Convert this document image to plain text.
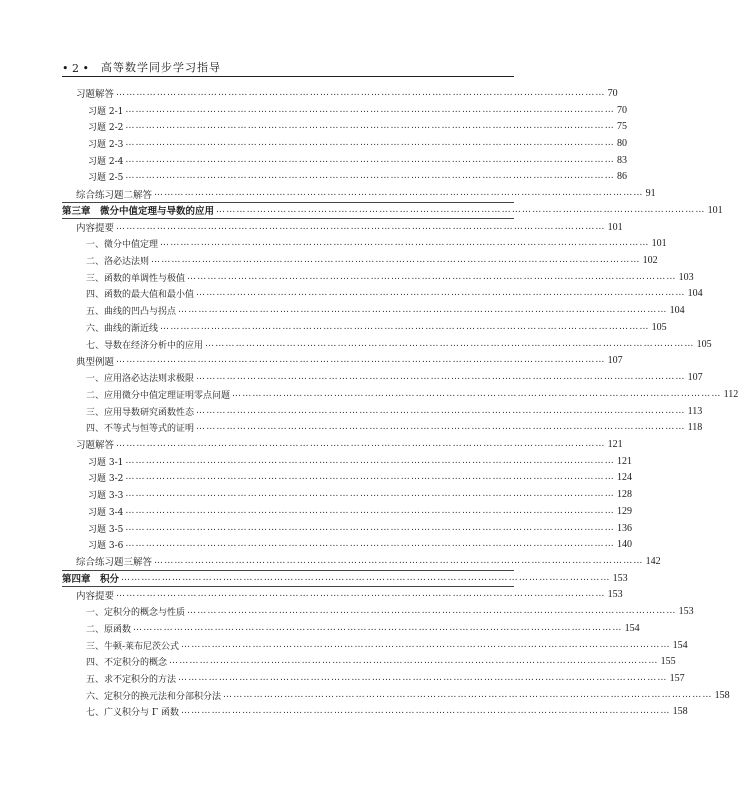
• 2 • 高等数学同步学习指导
习题解答 ……………………………………………………………………………………………………………………………… 70
习题 2-1 ……………………………………………………………………………………………………………………………… 70
习题 2-2 ……………………………………………………………………………………………………………………………… 75
习题 2-3 ……………………………………………………………………………………………………………………………… 80
习题 2-4 ……………………………………………………………………………………………………………………………… 83
习题 2-5 ……………………………………………………………………………………………………………………………… 86
综合练习题二解答 ……………………………………………………………………………………………………………………………… 91
第三章　微分中值定理与导数的应用 ……………………………………………………………………………………………………………………………… 101
内容提要 ……………………………………………………………………………………………………………………………… 101
一、微分中值定理 ……………………………………………………………………………………………………………………………… 101
二、洛必达法则 ……………………………………………………………………………………………………………………………… 102
三、函数的单调性与极值 ……………………………………………………………………………………………………………………………… 103
四、函数的最大值和最小值 ……………………………………………………………………………………………………………………………… 104
五、曲线的凹凸与拐点 ……………………………………………………………………………………………………………………………… 104
六、曲线的渐近线 ……………………………………………………………………………………………………………………………… 105
七、导数在经济分析中的应用 ……………………………………………………………………………………………………………………………… 105
典型例题 ……………………………………………………………………………………………………………………………… 107
一、应用洛必达法则求极限 ……………………………………………………………………………………………………………………………… 107
二、应用微分中值定理证明零点问题 ……………………………………………………………………………………………………………………………… 112
三、应用导数研究函数性态 ……………………………………………………………………………………………………………………………… 113
四、不等式与恒等式的证明 ……………………………………………………………………………………………………………………………… 118
习题解答 ……………………………………………………………………………………………………………………………… 121
习题 3-1 ……………………………………………………………………………………………………………………………… 121
习题 3-2 ……………………………………………………………………………………………………………………………… 124
习题 3-3 ……………………………………………………………………………………………………………………………… 128
习题 3-4 ……………………………………………………………………………………………………………………………… 129
习题 3-5 ……………………………………………………………………………………………………………………………… 136
习题 3-6 ……………………………………………………………………………………………………………………………… 140
综合练习题三解答 ……………………………………………………………………………………………………………………………… 142
第四章　积分 ……………………………………………………………………………………………………………………………… 153
内容提要 ……………………………………………………………………………………………………………………………… 153
一、定积分的概念与性质 ……………………………………………………………………………………………………………………………… 153
二、原函数 ……………………………………………………………………………………………………………………………… 154
三、牛顿-莱布尼茨公式 ……………………………………………………………………………………………………………………………… 154
四、不定积分的概念 ……………………………………………………………………………………………………………………………… 155
五、求不定积分的方法 ……………………………………………………………………………………………………………………………… 157
六、定积分的换元法和分部积分法 ……………………………………………………………………………………………………………………………… 158
七、广义积分与 Γ 函数 ……………………………………………………………………………………………………………………………… 158
